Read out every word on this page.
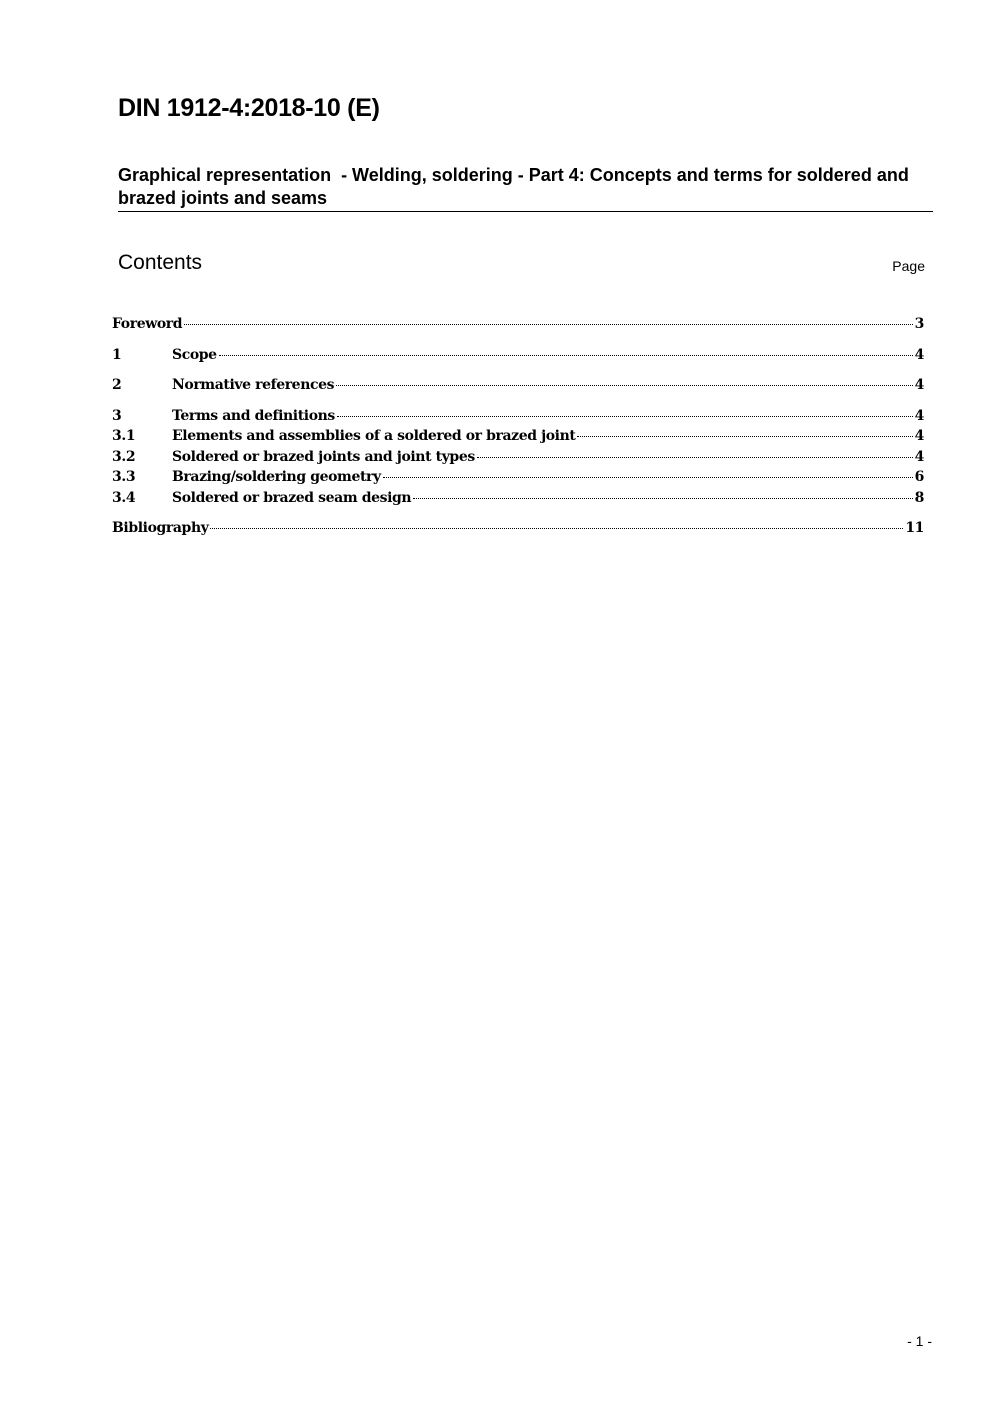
DIN 1912-4:2018-10 (E)
Graphical representation  - Welding, soldering - Part 4: Concepts and terms for soldered and brazed joints and seams
Contents	Page
Foreword	3
1	Scope	4
2	Normative references	4
3	Terms and definitions	4
3.1	Elements and assemblies of a soldered or brazed joint	4
3.2	Soldered or brazed joints and joint types	4
3.3	Brazing/soldering geometry	6
3.4	Soldered or brazed seam design	8
Bibliography	11
- 1 -
